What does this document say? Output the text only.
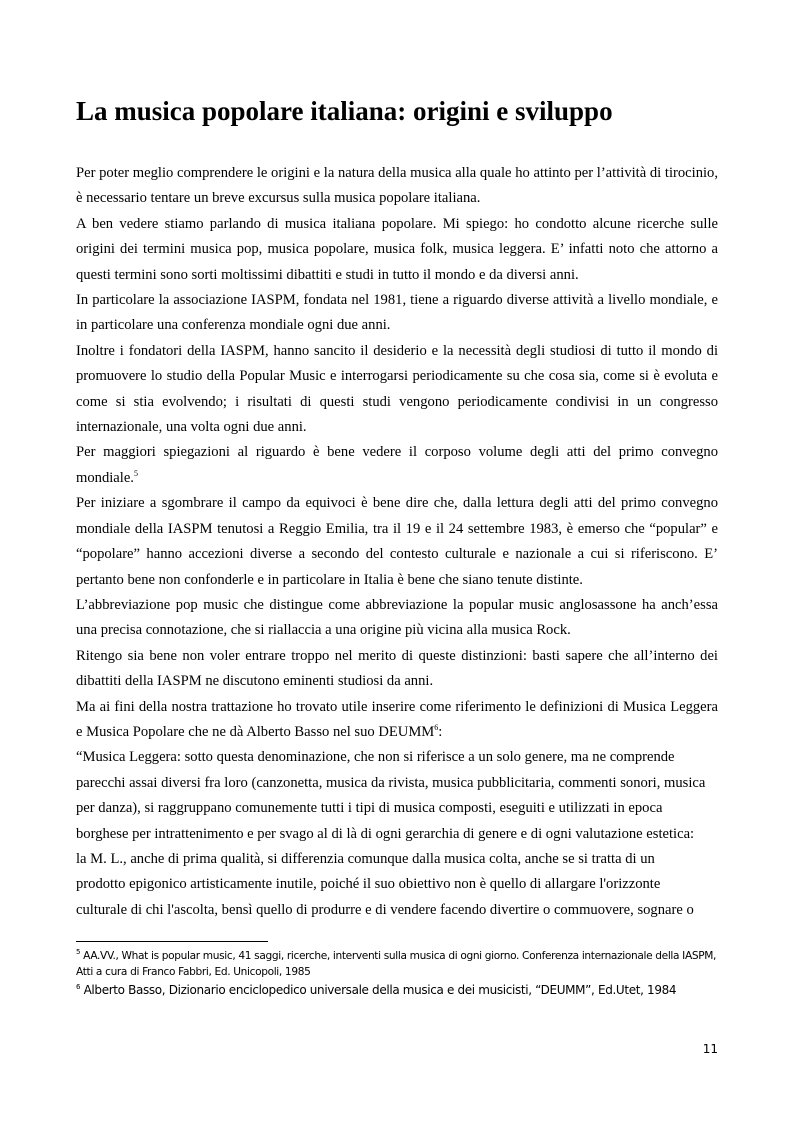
La musica popolare italiana: origini e sviluppo

Per poter meglio comprendere le origini e la natura della musica alla quale ho attinto per l’attività di tirocinio, è necessario tentare un breve excursus sulla musica popolare italiana.

A ben vedere stiamo parlando di musica italiana popolare. Mi spiego: ho condotto alcune ricerche sulle origini dei termini musica pop, musica popolare, musica folk, musica leggera. E’ infatti noto che attorno a questi termini sono sorti moltissimi dibattiti e studi in tutto il mondo e da diversi anni.

In particolare la associazione IASPM, fondata nel 1981, tiene a riguardo diverse attività a livello mondiale, e in particolare una conferenza mondiale ogni due anni.

Inoltre i fondatori della IASPM, hanno sancito il desiderio e la necessità degli studiosi di tutto il mondo di promuovere lo studio della Popular Music e interrogarsi periodicamente su che cosa sia, come si è evoluta e come si stia evolvendo; i risultati di questi studi vengono periodicamente condivisi in un congresso internazionale, una volta ogni due anni.

Per maggiori spiegazioni al riguardo è bene vedere il corposo volume degli atti del primo convegno mondiale.$^5$

Per iniziare a sgombrare il campo da equivoci è bene dire che, dalla lettura degli atti del primo convegno mondiale della IASPM tenutosi a Reggio Emilia, tra il 19 e il 24 settembre 1983, è emerso che “popular” e “popolare” hanno accezioni diverse a secondo del contesto culturale e nazionale a cui si riferiscono. E’ pertanto bene non confonderle e in particolare in Italia è bene che siano tenute distinte.

L’abbreviazione pop music che distingue come abbreviazione la popular music anglosassone ha anch’essa una precisa connotazione, che si riallaccia a una origine più vicina alla musica Rock.

Ritengo sia bene non voler entrare troppo nel merito di queste distinzioni: basti sapere che all’interno dei dibattiti della IASPM ne discutono eminenti studiosi da anni.

Ma ai fini della nostra trattazione ho trovato utile inserire come riferimento le definizioni di Musica Leggera e Musica Popolare che ne dà Alberto Basso nel suo DEUMM$^6$:

“Musica Leggera: sotto questa denominazione, che non si riferisce a un solo genere, ma ne comprende

parecchi assai diversi fra loro (canzonetta, musica da rivista, musica pubblicitaria, commenti sonori, musica

per danza), si raggruppano comunemente tutti i tipi di musica composti, eseguiti e utilizzati in epoca

borghese per intrattenimento e per svago al di là di ogni gerarchia di genere e di ogni valutazione estetica:

la M. L., anche di prima qualità, si differenzia comunque dalla musica colta, anche se si tratta di un

prodotto epigonico artisticamente inutile, poiché il suo obiettivo non è quello di allargare l'orizzonte

culturale di chi l'ascolta, bensì quello di produrre e di vendere facendo divertire o commuovere, sognare o

$^5$ AA.VV., What is popular music, 41 saggi, ricerche, interventi sulla musica di ogni giorno. Conferenza internazionale della IASPM, Atti a cura di Franco Fabbri, Ed. Unicopoli, 1985

$^6$ Alberto Basso, Dizionario enciclopedico universale della musica e dei musicisti, “DEUMM”, Ed.Utet, 1984

11
